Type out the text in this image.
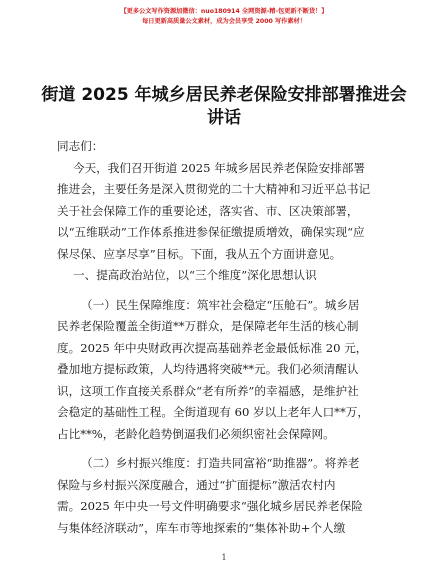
【更多公文写作资源加微信：nuo180914 全网资源-精-包更新不断货！】
每日更新高质量公文素材，成为会员享受 2000 写作素材！
街道 2025 年城乡居民养老保险安排部署推进会
讲话
同志们：
今天，我们召开街道 2025 年城乡居民养老保险安排部署
推进会，主要任务是深入贯彻党的二十大精神和习近平总书记
关于社会保障工作的重要论述，落实省、市、区决策部署，
以“五维联动”工作体系推进参保征缴提质增效，确保实现“应
保尽保、应享尽享”目标。下面，我从五个方面讲意见。
一、提高政治站位，以“三个维度”深化思想认识
（一）民生保障维度：筑牢社会稳定“压舱石”。城乡居
民养老保险覆盖全街道**万群众，是保障老年生活的核心制
度。2025 年中央财政再次提高基础养老金最低标准 20 元，
叠加地方提标政策，人均待遇将突破**元。我们必须清醒认
识，这项工作直接关系群众“老有所养”的幸福感，是维护社
会稳定的基础性工程。全街道现有 60 岁以上老年人口**万，
占比**%，老龄化趋势倒逼我们必须织密社会保障网。
（二）乡村振兴维度：打造共同富裕“助推器”。将养老
保险与乡村振兴深度融合，通过“扩面提标”激活农村内
需。2025 年中央一号文件明确要求“强化城乡居民养老保险
与集体经济联动”，库车市等地探索的“集体补助+个人缴
1
